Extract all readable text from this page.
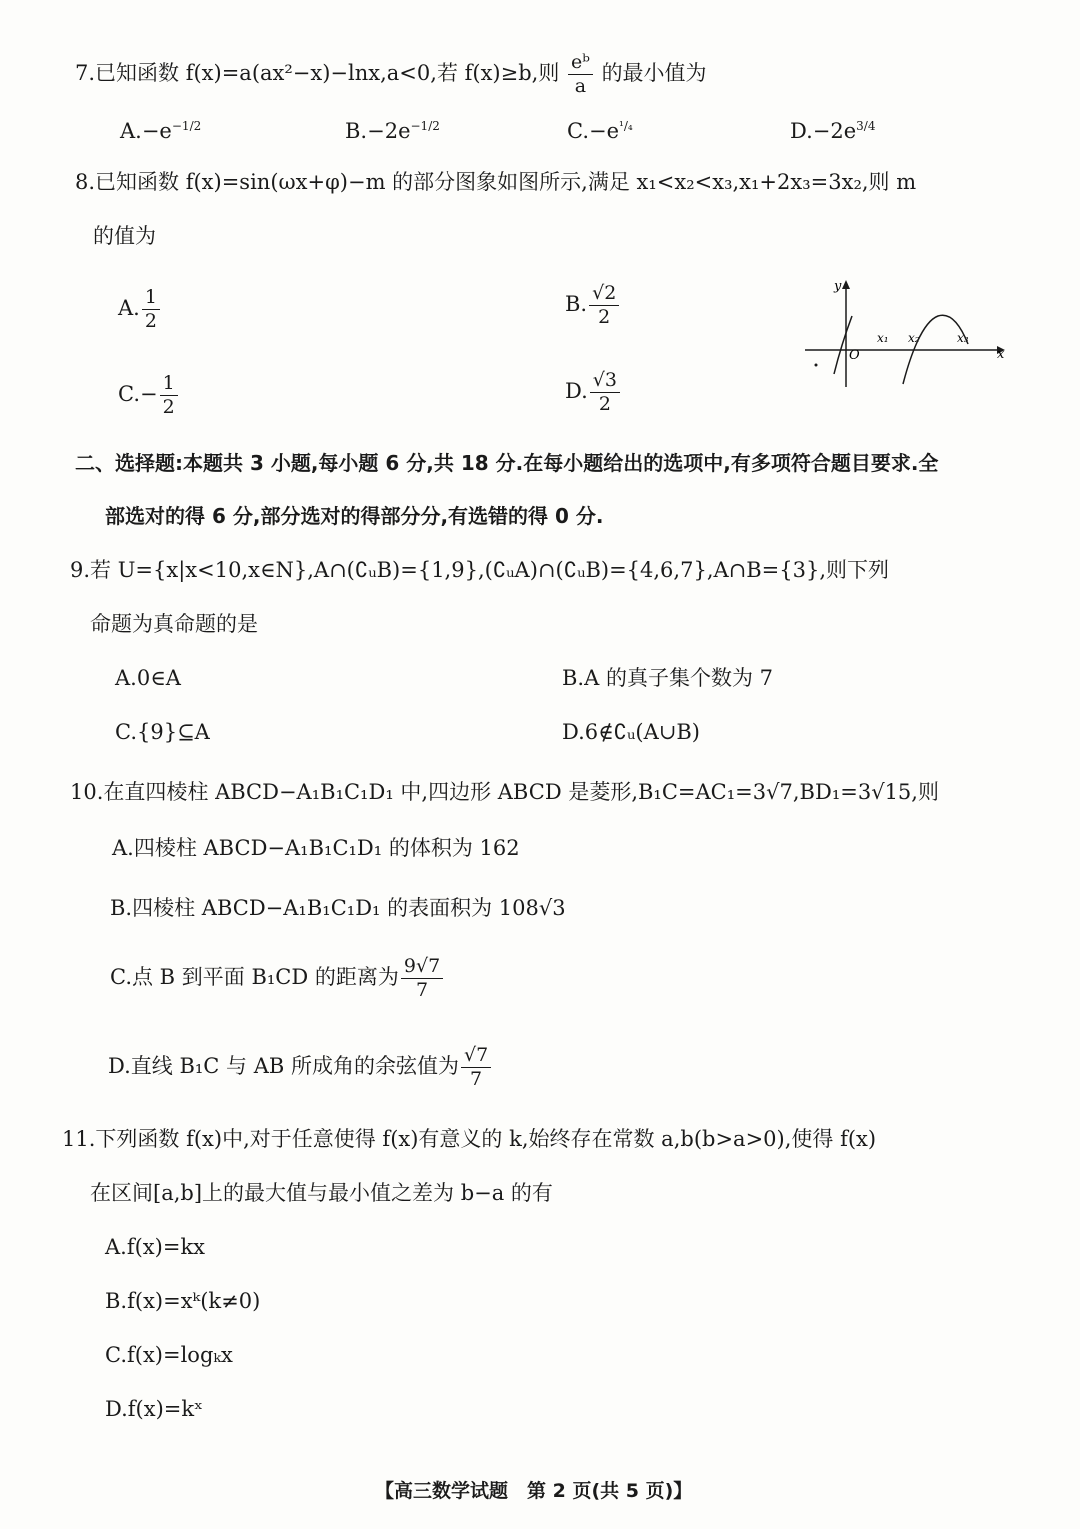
7.已知函数 f(x)=a(ax²−x)−lnx,a<0,若 f(x)≥b,则 $\frac{\text{eᵇ}}{a}$ 的最小值为
$A.-e^{-1/2}$	$B.-2e^{-1/2}$	$C.-e^{^1/_4}$	$D.-2e^{3/4}$
8.已知函数 f(x)=sin(ωx+φ)−m 的部分图象如图所示,满足 x₁<x₂<x₃,x₁+2x₃=3x₂,则 m
的值为
A. $\frac{1}{2}$	B. $\frac{√2}{2}$
$C.- \frac{1}{2}$	D. $\frac{√3}{2}$
y
x
O
x₁ x₂	x₃
二、选择题:本题共 3 小题,每小题 6 分,共 18 分.在每小题给出的选项中,有多项符合题目要求.全
部选对的得 6 分,部分选对的得部分分,有选错的得 0 分.
9.若 U={x|x<10,x∈N},A∩(∁ᵤB)={1,9},(∁ᵤA)∩(∁ᵤB)={4,6,7},A∩B={3},则下列
命题为真命题的是
A.0∈A	B.A 的真子集个数为 7
C.{9}⊆A	D.6∉∁ᵤ(A∪B)
10.在直四棱柱 ABCD−A₁B₁C₁D₁ 中,四边形 ABCD 是菱形,B₁C=AC₁=3√7,BD₁=3√15,则
A.四棱柱 ABCD−A₁B₁C₁D₁ 的体积为 162
B.四棱柱 ABCD−A₁B₁C₁D₁ 的表面积为 108√3
C.点 B 到平面 B₁CD 的距离为 $\frac{9√7}{7}$
D.直线 B₁C 与 AB 所成角的余弦值为 $\frac{√7}{7}$
11.下列函数 f(x)中,对于任意使得 f(x)有意义的 k,始终存在常数 a,b(b>a>0),使得 f(x)
在区间[a,b]上的最大值与最小值之差为 b−a 的有
A.f(x)=kx
B.f(x)=xᵏ(k≠0)
C.f(x)=logₖx
D.f(x)=kˣ
【高三数学试题　第 2 页(共 5 页)】
